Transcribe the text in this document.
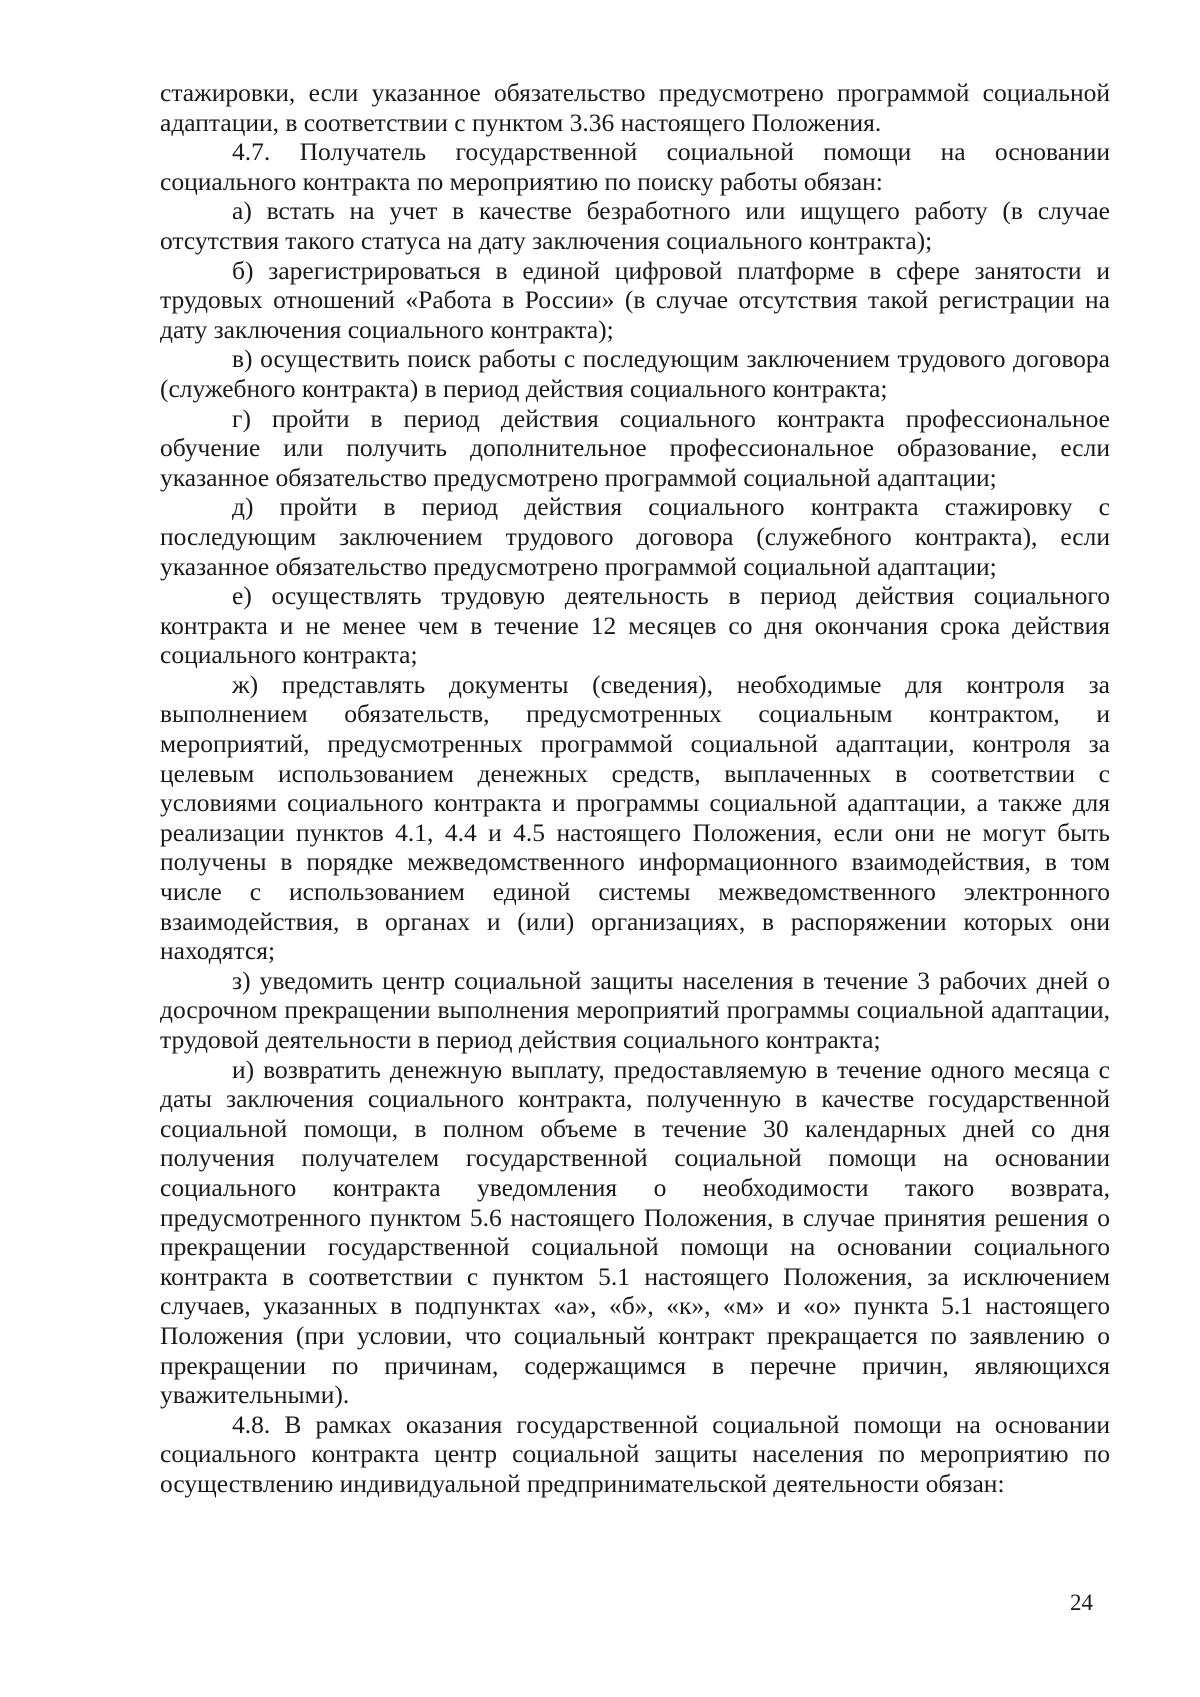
стажировки, если указанное обязательство предусмотрено программой социальной адаптации, в соответствии с пунктом 3.36 настоящего Положения.

4.7. Получатель государственной социальной помощи на основании социального контракта по мероприятию по поиску работы обязан:

а) встать на учет в качестве безработного или ищущего работу (в случае отсутствия такого статуса на дату заключения социального контракта);

б) зарегистрироваться в единой цифровой платформе в сфере занятости и трудовых отношений «Работа в России» (в случае отсутствия такой регистрации на дату заключения социального контракта);

в) осуществить поиск работы с последующим заключением трудового договора (служебного контракта) в период действия социального контракта;

г) пройти в период действия социального контракта профессиональное обучение или получить дополнительное профессиональное образование, если указанное обязательство предусмотрено программой социальной адаптации;

д) пройти в период действия социального контракта стажировку с последующим заключением трудового договора (служебного контракта), если указанное обязательство предусмотрено программой социальной адаптации;

е) осуществлять трудовую деятельность в период действия социального контракта и не менее чем в течение 12 месяцев со дня окончания срока действия социального контракта;

ж) представлять документы (сведения), необходимые для контроля за выполнением обязательств, предусмотренных социальным контрактом, и мероприятий, предусмотренных программой социальной адаптации, контроля за целевым использованием денежных средств, выплаченных в соответствии с условиями социального контракта и программы социальной адаптации, а также для реализации пунктов 4.1, 4.4 и 4.5 настоящего Положения, если они не могут быть получены в порядке межведомственного информационного взаимодействия, в том числе с использованием единой системы межведомственного электронного взаимодействия, в органах и (или) организациях, в распоряжении которых они находятся;

з) уведомить центр социальной защиты населения в течение 3 рабочих дней о досрочном прекращении выполнения мероприятий программы социальной адаптации, трудовой деятельности в период действия социального контракта;

и) возвратить денежную выплату, предоставляемую в течение одного месяца с даты заключения социального контракта, полученную в качестве государственной социальной помощи, в полном объеме в течение 30 календарных дней со дня получения получателем государственной социальной помощи на основании социального контракта уведомления о необходимости такого возврата, предусмотренного пунктом 5.6 настоящего Положения, в случае принятия решения о прекращении государственной социальной помощи на основании социального контракта в соответствии с пунктом 5.1 настоящего Положения, за исключением случаев, указанных в подпунктах «а», «б», «к», «м» и «о» пункта 5.1 настоящего Положения (при условии, что социальный контракт прекращается по заявлению о прекращении по причинам, содержащимся в перечне причин, являющихся уважительными).

4.8. В рамках оказания государственной социальной помощи на основании социального контракта центр социальной защиты населения по мероприятию по осуществлению индивидуальной предпринимательской деятельности обязан:

24
